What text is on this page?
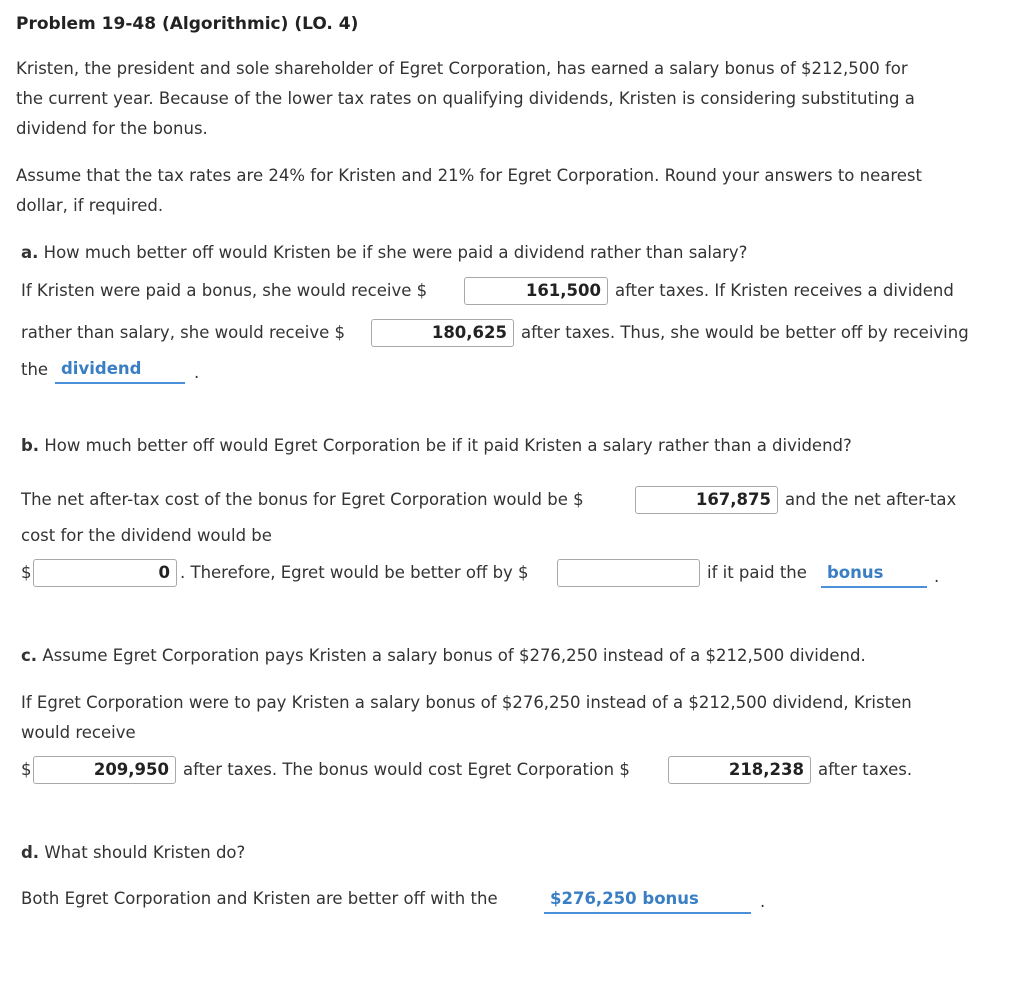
Problem 19-48 (Algorithmic) (LO. 4)
Kristen, the president and sole shareholder of Egret Corporation, has earned a salary bonus of $212,500 for
the current year. Because of the lower tax rates on qualifying dividends, Kristen is considering substituting a
dividend for the bonus.
Assume that the tax rates are 24% for Kristen and 21% for Egret Corporation. Round your answers to nearest
dollar, if required.
a. How much better off would Kristen be if she were paid a dividend rather than salary?
If Kristen were paid a bonus, she would receive $	161,500 after taxes. If Kristen receives a dividend
rather than salary, she would receive $	180,625 after taxes. Thus, she would be better off by receiving
the dividend	.
b. How much better off would Egret Corporation be if it paid Kristen a salary rather than a dividend?
The net after-tax cost of the bonus for Egret Corporation would be $	167,875 and the net after-tax
cost for the dividend would be
$	0 . Therefore, Egret would be better off by $	if it paid the	bonus	.
c. Assume Egret Corporation pays Kristen a salary bonus of $276,250 instead of a $212,500 dividend.
If Egret Corporation were to pay Kristen a salary bonus of $276,250 instead of a $212,500 dividend, Kristen
would receive
$	209,950 after taxes. The bonus would cost Egret Corporation $	218,238 after taxes.
d. What should Kristen do?
Both Egret Corporation and Kristen are better off with the	$276,250 bonus	.
